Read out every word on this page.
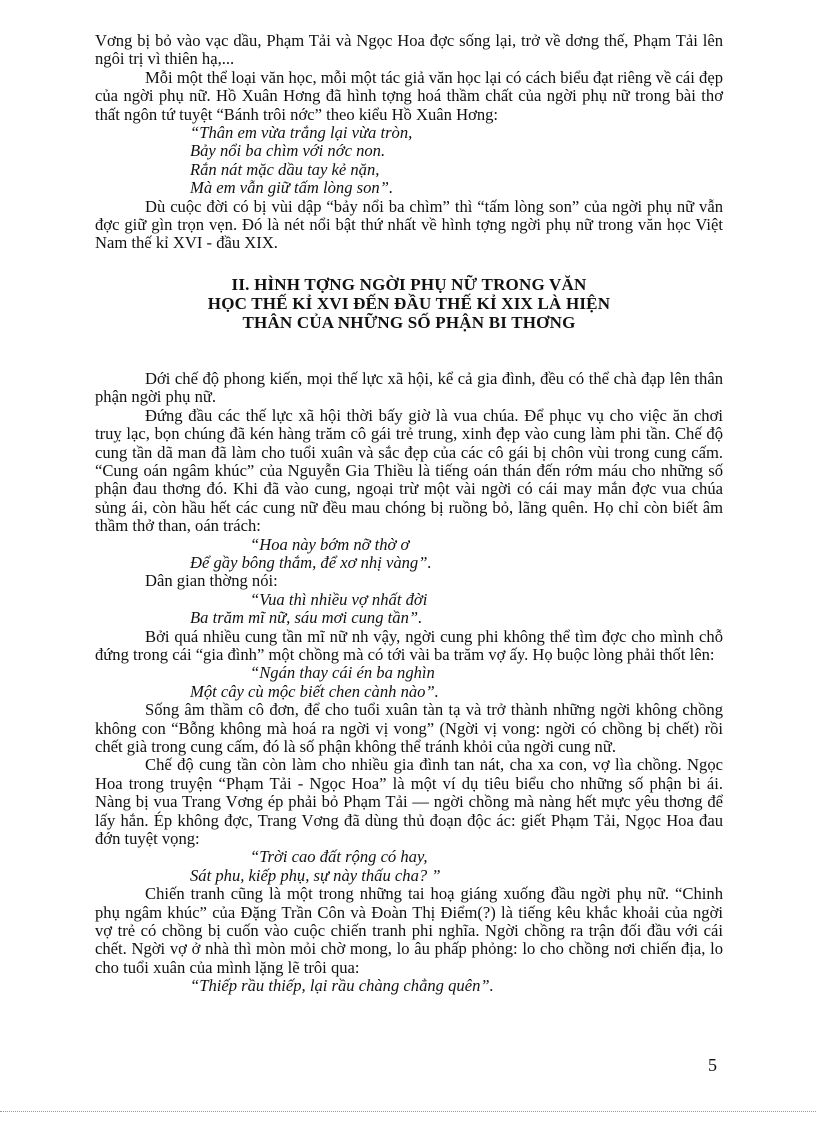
Vơng bị bỏ vào vạc dầu, Phạm Tải và Ngọc Hoa đợc sống lại, trở về dơng thế, Phạm Tải lên ngôi trị vì thiên hạ,...

Mỗi một thể loại văn học, mỗi một tác giả văn học lại có cách biểu đạt riêng về cái đẹp của ngời phụ nữ. Hồ Xuân Hơng đã hình tợng hoá thầm chất của ngời phụ nữ trong bài thơ thất ngôn tứ tuyệt “Bánh trôi nớc” theo kiểu Hồ Xuân Hơng:

“Thân em vừa trắng lại vừa tròn,

Bảy nổi ba chìm với nớc non.

Rắn nát mặc dầu tay kẻ nặn,

Mà em vẫn giữ tấm lòng son”.

Dù cuộc đời có bị vùi dập “bảy nổi ba chìm” thì “tấm lòng son” của ngời phụ nữ vẫn đợc giữ gìn trọn vẹn. Đó là nét nổi bật thứ nhất về hình tợng ngời phụ nữ trong văn học Việt Nam thế kỉ XVI - đầu XIX.

II. HÌNH TỢNG NGỜI PHỤ NỮ TRONG VĂN
HỌC THẾ KỈ XVI ĐẾN ĐẦU THẾ KỈ XIX LÀ HIỆN
THÂN CỦA NHỮNG SỐ PHẬN BI THƠNG

Dới chế độ phong kiến, mọi thế lực xã hội, kể cả gia đình, đều có thể chà đạp lên thân phận ngời phụ nữ.

Đứng đầu các thế lực xã hội thời bấy giờ là vua chúa. Để phục vụ cho việc ăn chơi truỵ lạc, bọn chúng đã kén hàng trăm cô gái trẻ trung, xinh đẹp vào cung làm phi tần. Chế độ cung tần dã man đã làm cho tuổi xuân và sắc đẹp của các cô gái bị chôn vùi trong cung cấm. “Cung oán ngâm khúc” của Nguyễn Gia Thiều là tiếng oán thán đến rớm máu cho những số phận đau thơng đó. Khi đã vào cung, ngoại trừ một vài ngời có cái may mắn đợc vua chúa sủng ái, còn hầu hết các cung nữ đều mau chóng bị ruồng bỏ, lãng quên. Họ chỉ còn biết âm thầm thở than, oán trách:

“Hoa này bớm nỡ thờ ơ

Để gầy bông thắm, để xơ nhị vàng”.

Dân gian thờng nói:

“Vua thì nhiều vợ nhất đời

Ba trăm mĩ nữ, sáu mơi cung tần”.

Bởi quá nhiều cung tần mĩ nữ nh vậy, ngời cung phi không thể tìm đợc cho mình chỗ đứng trong cái “gia đình” một chồng mà có tới vài ba trăm vợ ấy. Họ buộc lòng phải thốt lên:

“Ngán thay cái én ba nghìn

Một cây cù mộc biết chen cành nào”.

Sống âm thầm cô đơn, để cho tuổi xuân tàn tạ và trở thành những ngời không chồng không con “Bỗng không mà hoá ra ngời vị vong” (Ngời vị vong: ngời có chồng bị chết) rồi chết già trong cung cấm, đó là số phận không thể tránh khỏi của ngời cung nữ.

Chế độ cung tần còn làm cho nhiều gia đình tan nát, cha xa con, vợ lìa chồng. Ngọc Hoa trong truyện “Phạm Tải - Ngọc Hoa” là một ví dụ tiêu biểu cho những số phận bi ái. Nàng bị vua Trang Vơng ép phải bỏ Phạm Tải — ngời chồng mà nàng hết mực yêu thơng để lấy hắn. Ép không đợc, Trang Vơng đã dùng thủ đoạn độc ác: giết Phạm Tải, Ngọc Hoa đau đớn tuyệt vọng:

“Trời cao đất rộng có hay,

Sát phu, kiếp phụ, sự này thấu cha? ”

Chiến tranh cũng là một trong những tai hoạ giáng xuống đầu ngời phụ nữ. “Chinh phụ ngâm khúc” của Đặng Trần Côn và Đoàn Thị Điểm(?) là tiếng kêu khắc khoải của ngời vợ trẻ có chồng bị cuốn vào cuộc chiến tranh phi nghĩa. Ngời chồng ra trận đối đầu với cái chết. Ngời vợ ở nhà thì mòn mỏi chờ mong, lo âu phấp phỏng: lo cho chồng nơi chiến địa, lo cho tuổi xuân của mình lặng lẽ trôi qua:

“Thiếp rầu thiếp, lại rầu chàng chẳng quên”.

5
